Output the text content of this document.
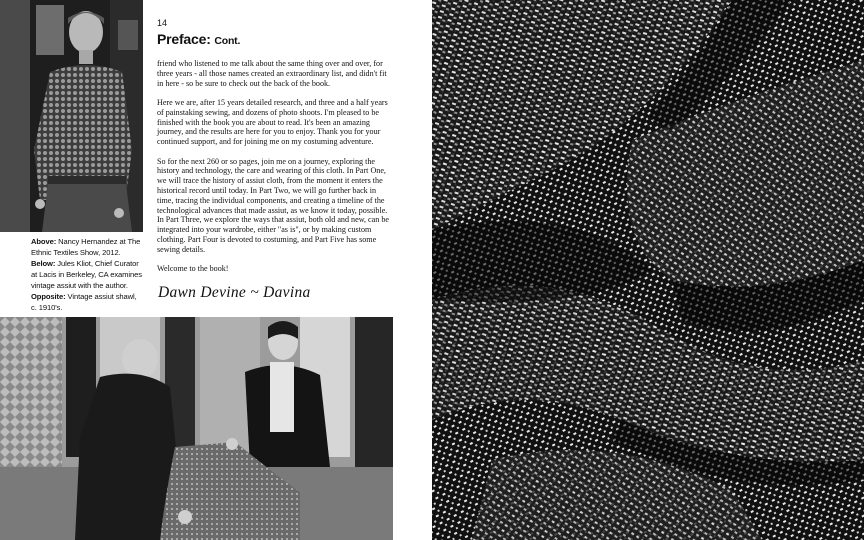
Above: Nancy Hernandez at The Ethnic Textiles Show, 2012.
Below: Jules Kliot, Chief Curator at Lacis in Berkeley, CA examines vintage assiut with the author.
Opposite: Vintage assiut shawl, c. 1910's.
14
Preface: Cont.

friend who listened to me talk about the same thing over and over, for three years - all those names created an extraordinary list, and didn't fit in here - so be sure to check out the back of the book.

Here we are, after 15 years detailed research, and three and a half years of painstaking sewing, and dozens of photo shoots. I'm pleased to be finished with the book you are about to read. It's been an amazing journey, and the results are here for you to enjoy. Thank you for your continued support, and for joining me on my costuming adventure.

So for the next 260 or so pages, join me on a journey, exploring the history and technology, the care and wearing of this cloth. In Part One, we will trace the history of assiut cloth, from the moment it enters the historical record until today. In Part Two, we will go further back in time, tracing the individual components, and creating a timeline of the technological advances that made assiut, as we know it today, possible. In Part Three, we explore the ways that assiut, both old and new, can be integrated into your wardrobe, either "as is", or by making custom clothing. Part Four is devoted to costuming, and Part Five has some sewing details.

Welcome to the book!

Dawn Devine ~ Davina
